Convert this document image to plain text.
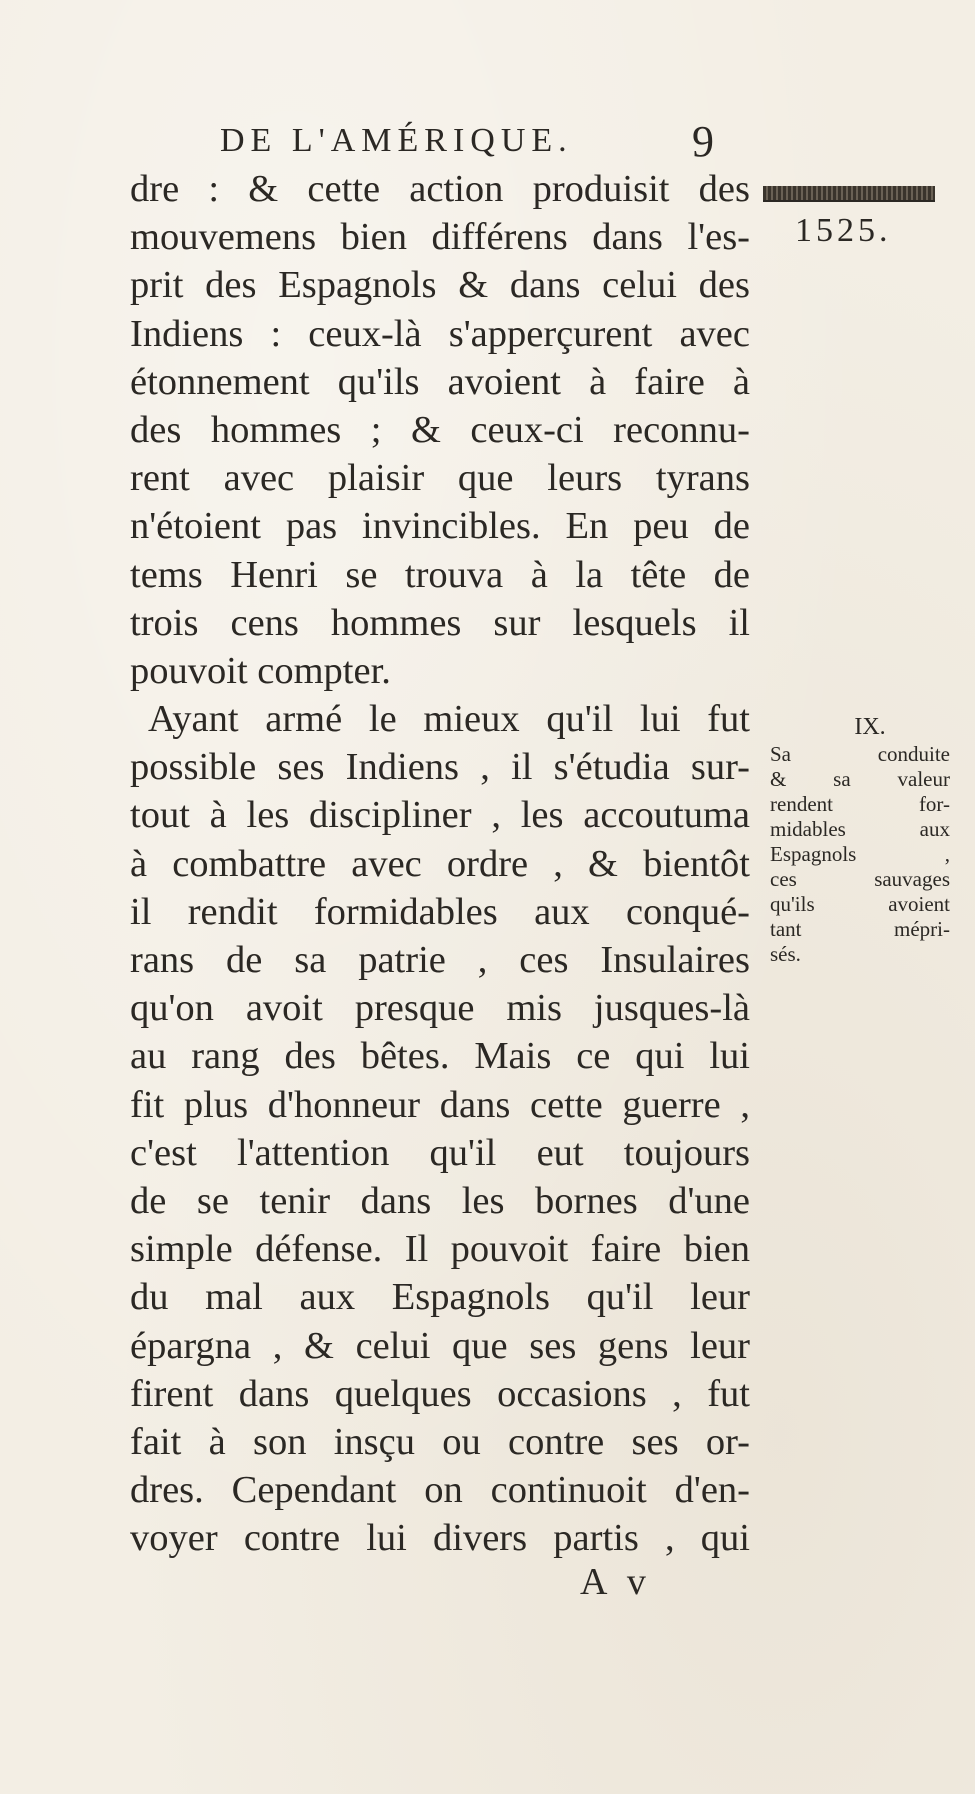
DE L'AMÉRIQUE.	9
1525.
dre : & cette action produisit des
mouvemens bien différens dans l'es-
prit des Espagnols & dans celui des
Indiens : ceux-là s'apperçurent avec
étonnement qu'ils avoient à faire à
des hommes ; & ceux-ci reconnu-
rent avec plaisir que leurs tyrans
n'étoient pas invincibles. En peu de
tems Henri se trouva à la tête de
trois cens hommes sur lesquels il
pouvoit compter.
Ayant armé le mieux qu'il lui fut
possible ses Indiens , il s'étudia sur-
tout à les discipliner , les accoutuma
à combattre avec ordre , & bientôt
il rendit formidables aux conqué-
rans de sa patrie , ces Insulaires
qu'on avoit presque mis jusques-là
au rang des bêtes. Mais ce qui lui
fit plus d'honneur dans cette guerre ,
c'est l'attention qu'il eut toujours
de se tenir dans les bornes d'une
simple défense. Il pouvoit faire bien
du mal aux Espagnols qu'il leur
épargna , & celui que ses gens leur
firent dans quelques occasions , fut
fait à son insçu ou contre ses or-
dres. Cependant on continuoit d'en-
voyer contre lui divers partis , qui
IX.
Sa conduite
& sa valeur
rendent for-
midables aux
Espagnols ,
ces sauvages
qu'ils avoient
tant mépri-
sés.
A v
